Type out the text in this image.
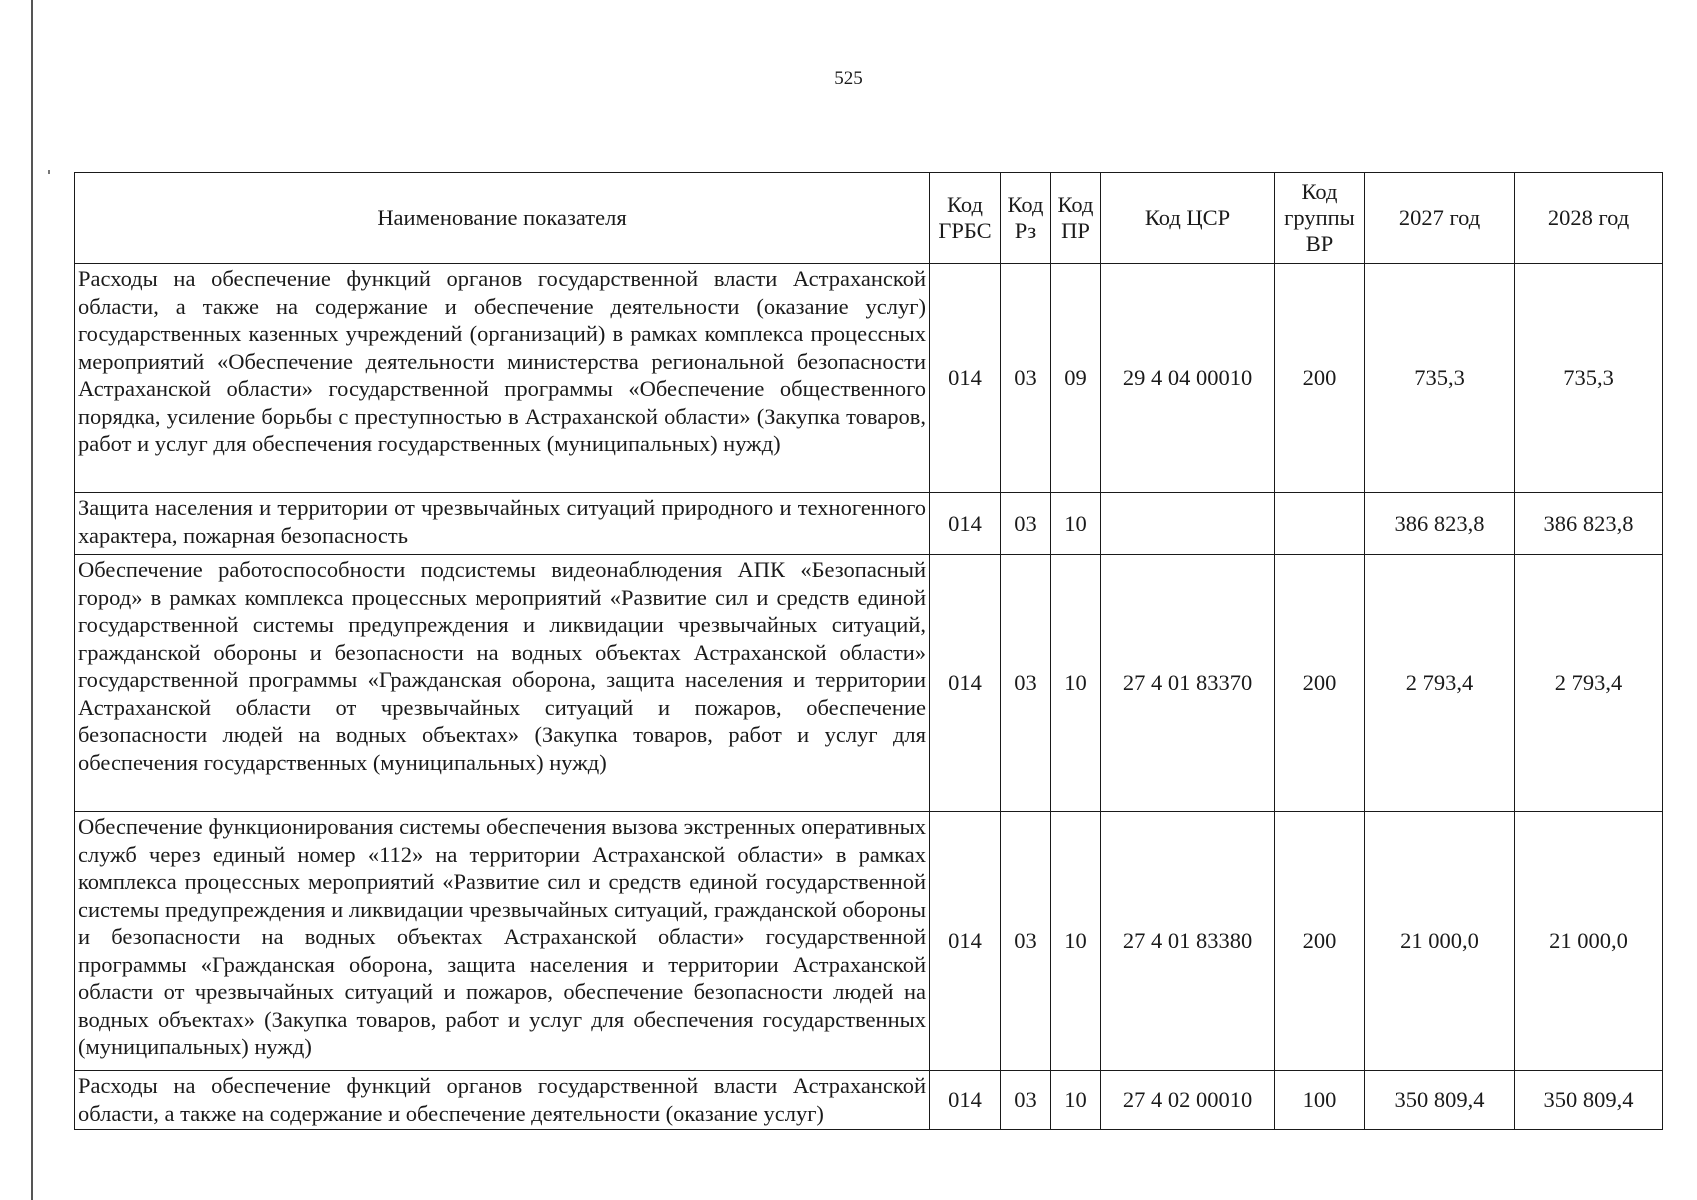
525
Наименование показателя	Код ГРБС	Код Рз	Код ПР	Код ЦСР	Код группы ВР	2027 год	2028 год
Расходы на обеспечение функций органов государственной власти Астраханской области, а также на содержание и обеспечение деятельности (оказание услуг) государственных казенных учреждений (организаций) в рамках комплекса процессных мероприятий «Обеспечение деятельности министерства региональной безопасности Астраханской области» государственной программы «Обеспечение общественного порядка, усиление борьбы с преступностью в Астраханской области» (Закупка товаров, работ и услуг для обеспечения государственных (муниципальных) нужд)	014	03	09	29 4 04 00010	200	735,3	735,3
Защита населения и территории от чрезвычайных ситуаций природного и техногенного характера, пожарная безопасность	014	03	10			386 823,8	386 823,8
Обеспечение работоспособности подсистемы видеонаблюдения АПК «Безопасный город» в рамках комплекса процессных мероприятий «Развитие сил и средств единой государственной системы предупреждения и ликвидации чрезвычайных ситуаций, гражданской обороны и безопасности на водных объектах Астраханской области» государственной программы «Гражданская оборона, защита населения и территории Астраханской области от чрезвычайных ситуаций и пожаров, обеспечение безопасности людей на водных объектах» (Закупка товаров, работ и услуг для обеспечения государственных (муниципальных) нужд)	014	03	10	27 4 01 83370	200	2 793,4	2 793,4
Обеспечение функционирования системы обеспечения вызова экстренных оперативных служб через единый номер «112» на территории Астраханской области» в рамках комплекса процессных мероприятий «Развитие сил и средств единой государственной системы предупреждения и ликвидации чрезвычайных ситуаций, гражданской обороны и безопасности на водных объектах Астраханской области» государственной программы «Гражданская оборона, защита населения и территории Астраханской области от чрезвычайных ситуаций и пожаров, обеспечение безопасности людей на водных объектах» (Закупка товаров, работ и услуг для обеспечения государственных (муниципальных) нужд)	014	03	10	27 4 01 83380	200	21 000,0	21 000,0
Расходы на обеспечение функций органов государственной власти Астраханской области, а также на содержание и обеспечение деятельности (оказание услуг)	014	03	10	27 4 02 00010	100	350 809,4	350 809,4
